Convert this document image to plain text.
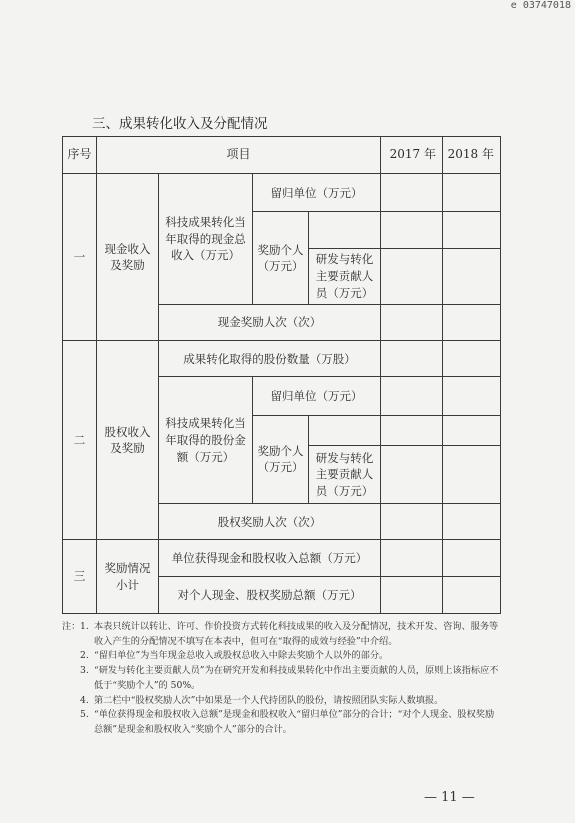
e 03747018
三、成果转化收入及分配情况
序号	项目				2017 年	2018 年
一	现金收入及奖励	科技成果转化当年取得的现金总收入（万元）	留归单位（万元）			
			奖励个人（万元）			
				研发与转化主要贡献人员（万元）		
		现金奖励人次（次）				
二	股权收入及奖励	成果转化取得的股份数量（万股）				
		科技成果转化当年取得的股份金额（万元）	留归单位（万元）			
			奖励个人（万元）			
				研发与转化主要贡献人员（万元）		
		股权奖励人次（次）				
三	奖励情况小计	单位获得现金和股权收入总额（万元）				
		对个人现金、股权奖励总额（万元）				
注： 1. 本表只统计以转让、许可、作价投资方式转化科技成果的收入及分配情况，技术开发、咨询、服务等收入产生的分配情况不填写在本表中，但可在“取得的成效与经验”中介绍。
2. “留归单位”为当年现金总收入或股权总收入中除去奖励个人以外的部分。
3. “研发与转化主要贡献人员”为在研究开发和科技成果转化中作出主要贡献的人员，原则上该指标应不低于“奖励个人”的 50%。
4. 第二栏中“股权奖励人次”中如果是一个人代持团队的股份，请按照团队实际人数填报。
5. “单位获得现金和股权收入总额”是现金和股权收入“留归单位”部分的合计；“对个人现金、股权奖励总额”是现金和股权收入“奖励个人”部分的合计。
— 11 —
